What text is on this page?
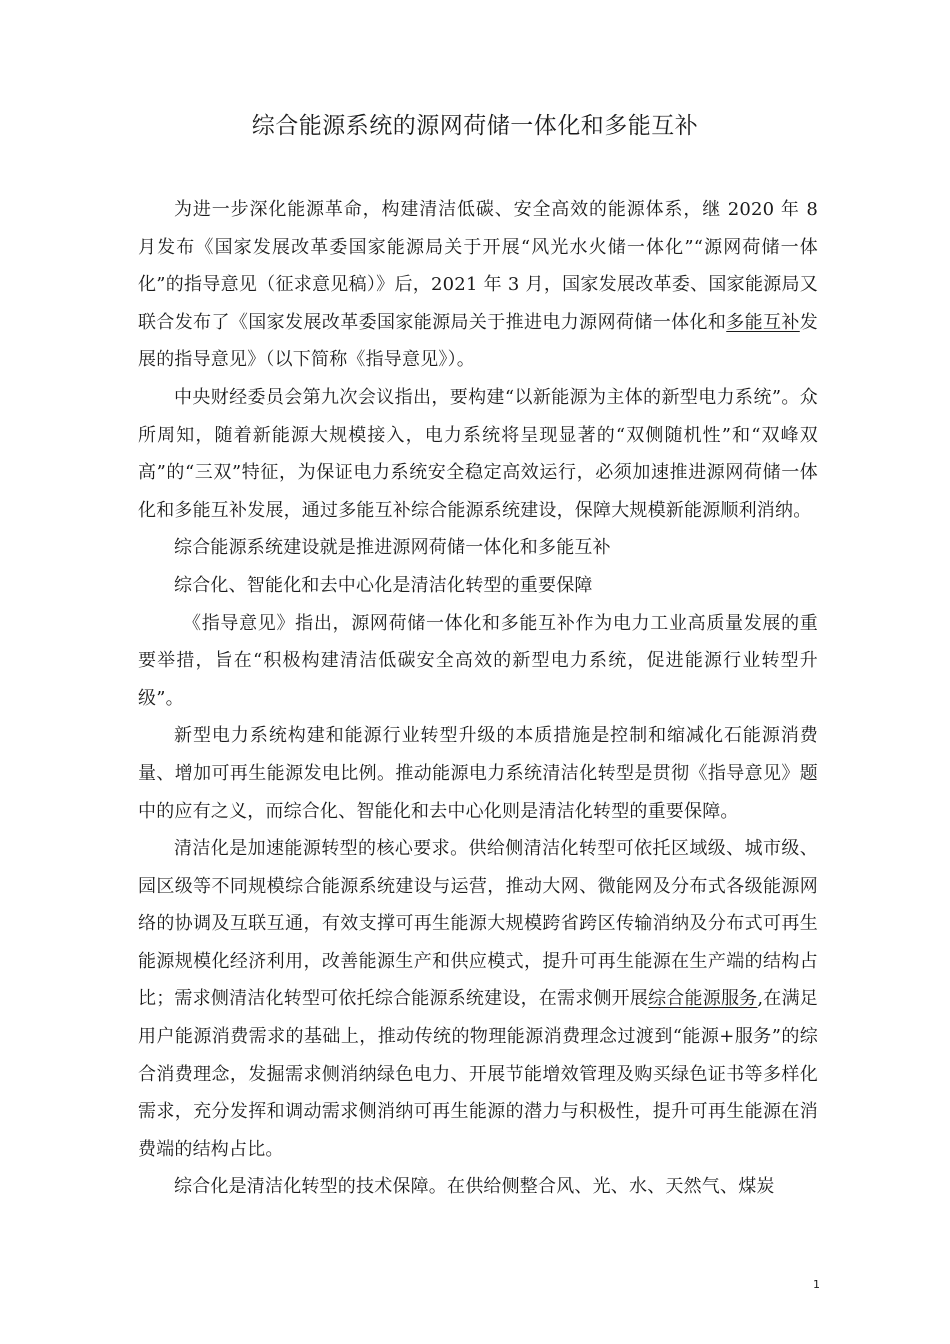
综合能源系统的源网荷储一体化和多能互补

为进一步深化能源革命，构建清洁低碳、安全高效的能源体系，继 2020 年 8 月发布《国家发展改革委国家能源局关于开展“风光水火储一体化”“源网荷储一体化”的指导意见（征求意见稿）》后，2021 年 3 月，国家发展改革委、国家能源局又联合发布了《国家发展改革委国家能源局关于推进电力源网荷储一体化和多能互补发展的指导意见》（以下简称《指导意见》）。

中央财经委员会第九次会议指出，要构建“以新能源为主体的新型电力系统”。众所周知，随着新能源大规模接入，电力系统将呈现显著的“双侧随机性”和“双峰双高”的“三双”特征，为保证电力系统安全稳定高效运行，必须加速推进源网荷储一体化和多能互补发展，通过多能互补综合能源系统建设，保障大规模新能源顺利消纳。

综合能源系统建设就是推进源网荷储一体化和多能互补

综合化、智能化和去中心化是清洁化转型的重要保障

《指导意见》指出，源网荷储一体化和多能互补作为电力工业高质量发展的重要举措，旨在“积极构建清洁低碳安全高效的新型电力系统，促进能源行业转型升级”。

新型电力系统构建和能源行业转型升级的本质措施是控制和缩减化石能源消费量、增加可再生能源发电比例。推动能源电力系统清洁化转型是贯彻《指导意见》题中的应有之义，而综合化、智能化和去中心化则是清洁化转型的重要保障。

清洁化是加速能源转型的核心要求。供给侧清洁化转型可依托区域级、城市级、园区级等不同规模综合能源系统建设与运营，推动大网、微能网及分布式各级能源网络的协调及互联互通，有效支撑可再生能源大规模跨省跨区传输消纳及分布式可再生能源规模化经济利用，改善能源生产和供应模式，提升可再生能源在生产端的结构占比；需求侧清洁化转型可依托综合能源系统建设，在需求侧开展综合能源服务,在满足用户能源消费需求的基础上，推动传统的物理能源消费理念过渡到“能源+服务”的综合消费理念，发掘需求侧消纳绿色电力、开展节能增效管理及购买绿色证书等多样化需求，充分发挥和调动需求侧消纳可再生能源的潜力与积极性，提升可再生能源在消费端的结构占比。

综合化是清洁化转型的技术保障。在供给侧整合风、光、水、天然气、煤炭

1
